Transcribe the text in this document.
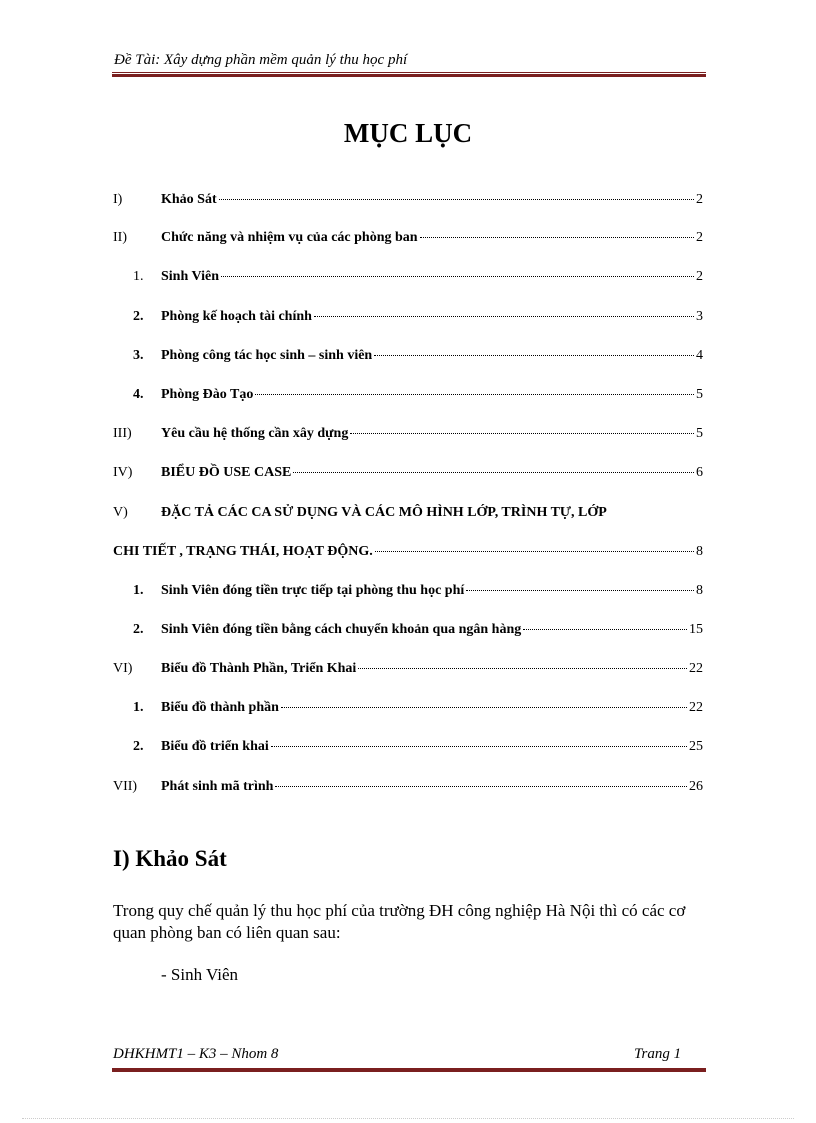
Đề Tài: Xây dựng phần mềm quản lý thu học phí
MỤC LỤC
I)	Khảo Sát	2
II)	Chức năng và nhiệm vụ của các phòng ban	2
1.	Sinh Viên	2
2.	Phòng kế hoạch tài chính	3
3.	Phòng công tác học sinh – sinh viên	4
4.	Phòng Đào Tạo	5
III)	Yêu cầu hệ thống cần xây dựng	5
IV)	BIỂU ĐỒ USE CASE	6
V) ĐẶC TẢ CÁC CA SỬ DỤNG VÀ CÁC MÔ HÌNH LỚP, TRÌNH TỰ, LỚP
CHI TIẾT , TRẠNG THÁI, HOẠT ĐỘNG.	8
1.	Sinh Viên đóng tiền trực tiếp tại phòng thu học phí	8
2.	Sinh Viên đóng tiền bằng cách chuyển khoản qua ngân hàng	15
VI)	Biểu đồ Thành Phần, Triển Khai	22
1.	Biểu đồ thành phần	22
2.	Biểu đồ triển khai	25
VII)	Phát sinh mã trình	26
I) Khảo Sát
Trong quy chế quản lý thu học phí của trường ĐH công nghiệp Hà Nội thì có các cơ quan phòng ban có liên quan sau:
- Sinh Viên
DHKHMT1 – K3 – Nhom 8	Trang 1
